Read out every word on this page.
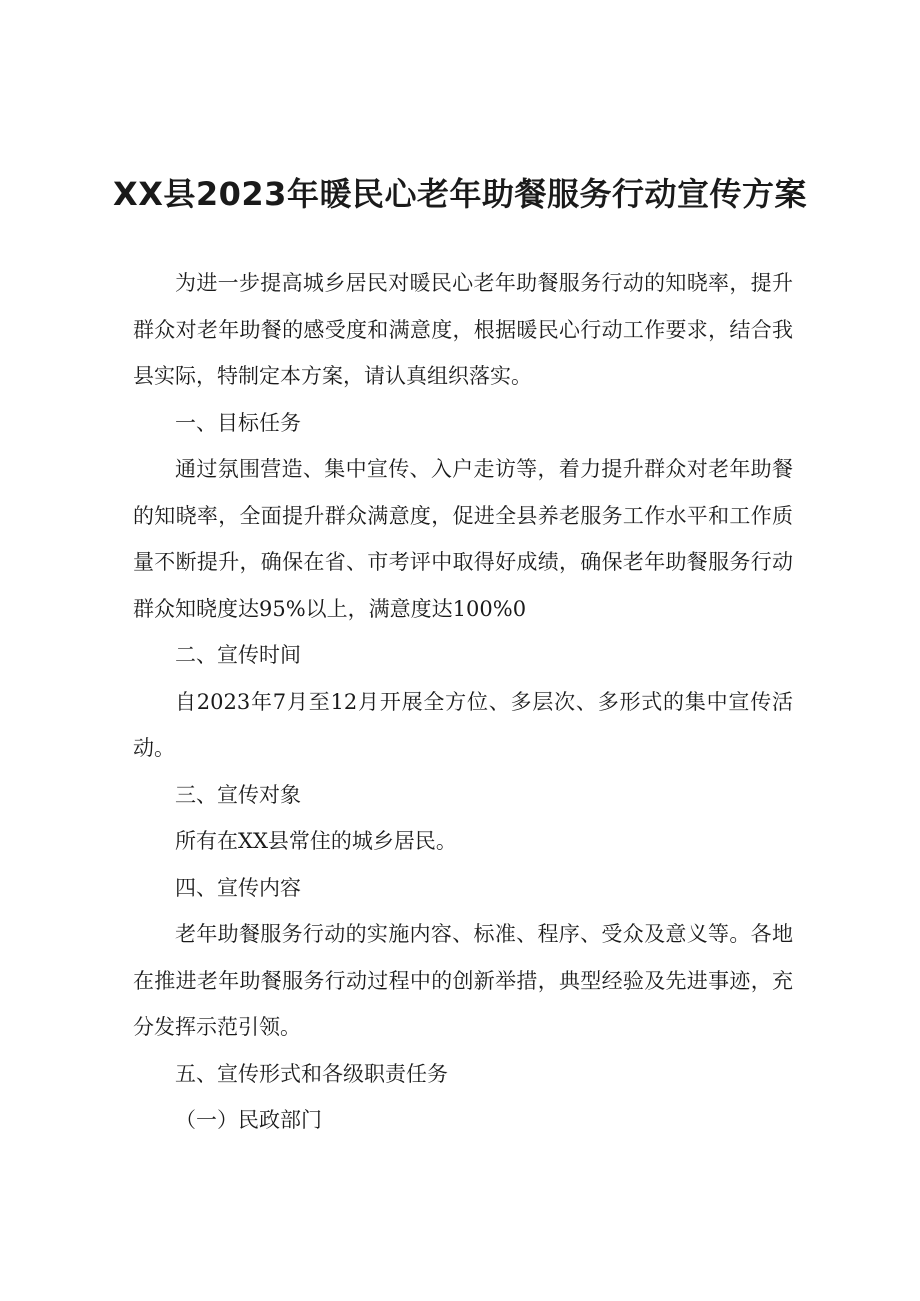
XX县2023年暖民心老年助餐服务行动宣传方案

为进一步提高城乡居民对暖民心老年助餐服务行动的知晓率，提升群众对老年助餐的感受度和满意度，根据暖民心行动工作要求，结合我县实际，特制定本方案，请认真组织落实。

一、目标任务

通过氛围营造、集中宣传、入户走访等，着力提升群众对老年助餐的知晓率，全面提升群众满意度，促进全县养老服务工作水平和工作质量不断提升，确保在省、市考评中取得好成绩，确保老年助餐服务行动群众知晓度达95%以上，满意度达100%0

二、宣传时间

自2023年7月至12月开展全方位、多层次、多形式的集中宣传活动。

三、宣传对象

所有在XX县常住的城乡居民。

四、宣传内容

老年助餐服务行动的实施内容、标准、程序、受众及意义等。各地在推进老年助餐服务行动过程中的创新举措，典型经验及先进事迹，充分发挥示范引领。

五、宣传形式和各级职责任务

（一）民政部门
